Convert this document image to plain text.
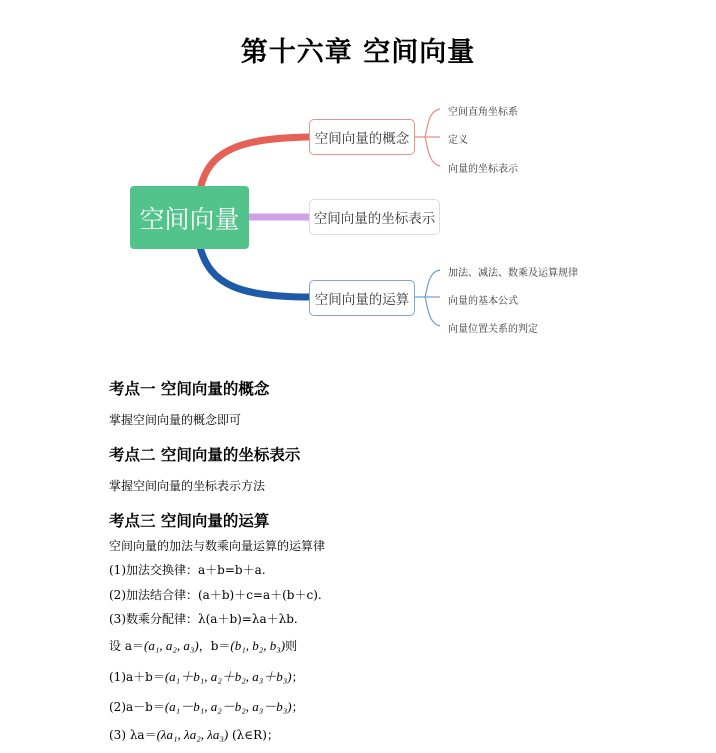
第十六章 空间向量
空间向量
空间向量的概念
空间向量的坐标表示
空间向量的运算
空间直角坐标系
定义
向量的坐标表示
加法、减法、数乘及运算规律
向量的基本公式
向量位置关系的判定
考点一 空间向量的概念
掌握空间向量的概念即可
考点二 空间向量的坐标表示
掌握空间向量的坐标表示方法
考点三 空间向量的运算
空间向量的加法与数乘向量运算的运算律
(1)加法交换律：a＋b=b＋a.
(2)加法结合律：(a＋b)＋c=a＋(b＋c).
(3)数乘分配律：λ(a＋b)=λa＋λb.
设 a＝(a₁, a₂, a₃)，b＝(b₁, b₂, b₃)则
(1)a＋b＝(a₁＋b₁, a₂＋b₂, a₃＋b₃)；
(2)a－b＝(a₁－b₁, a₂－b₂, a₃－b₃)；
(3) λa＝(λa₁, λa₂, λa₃) (λ∈R)；
